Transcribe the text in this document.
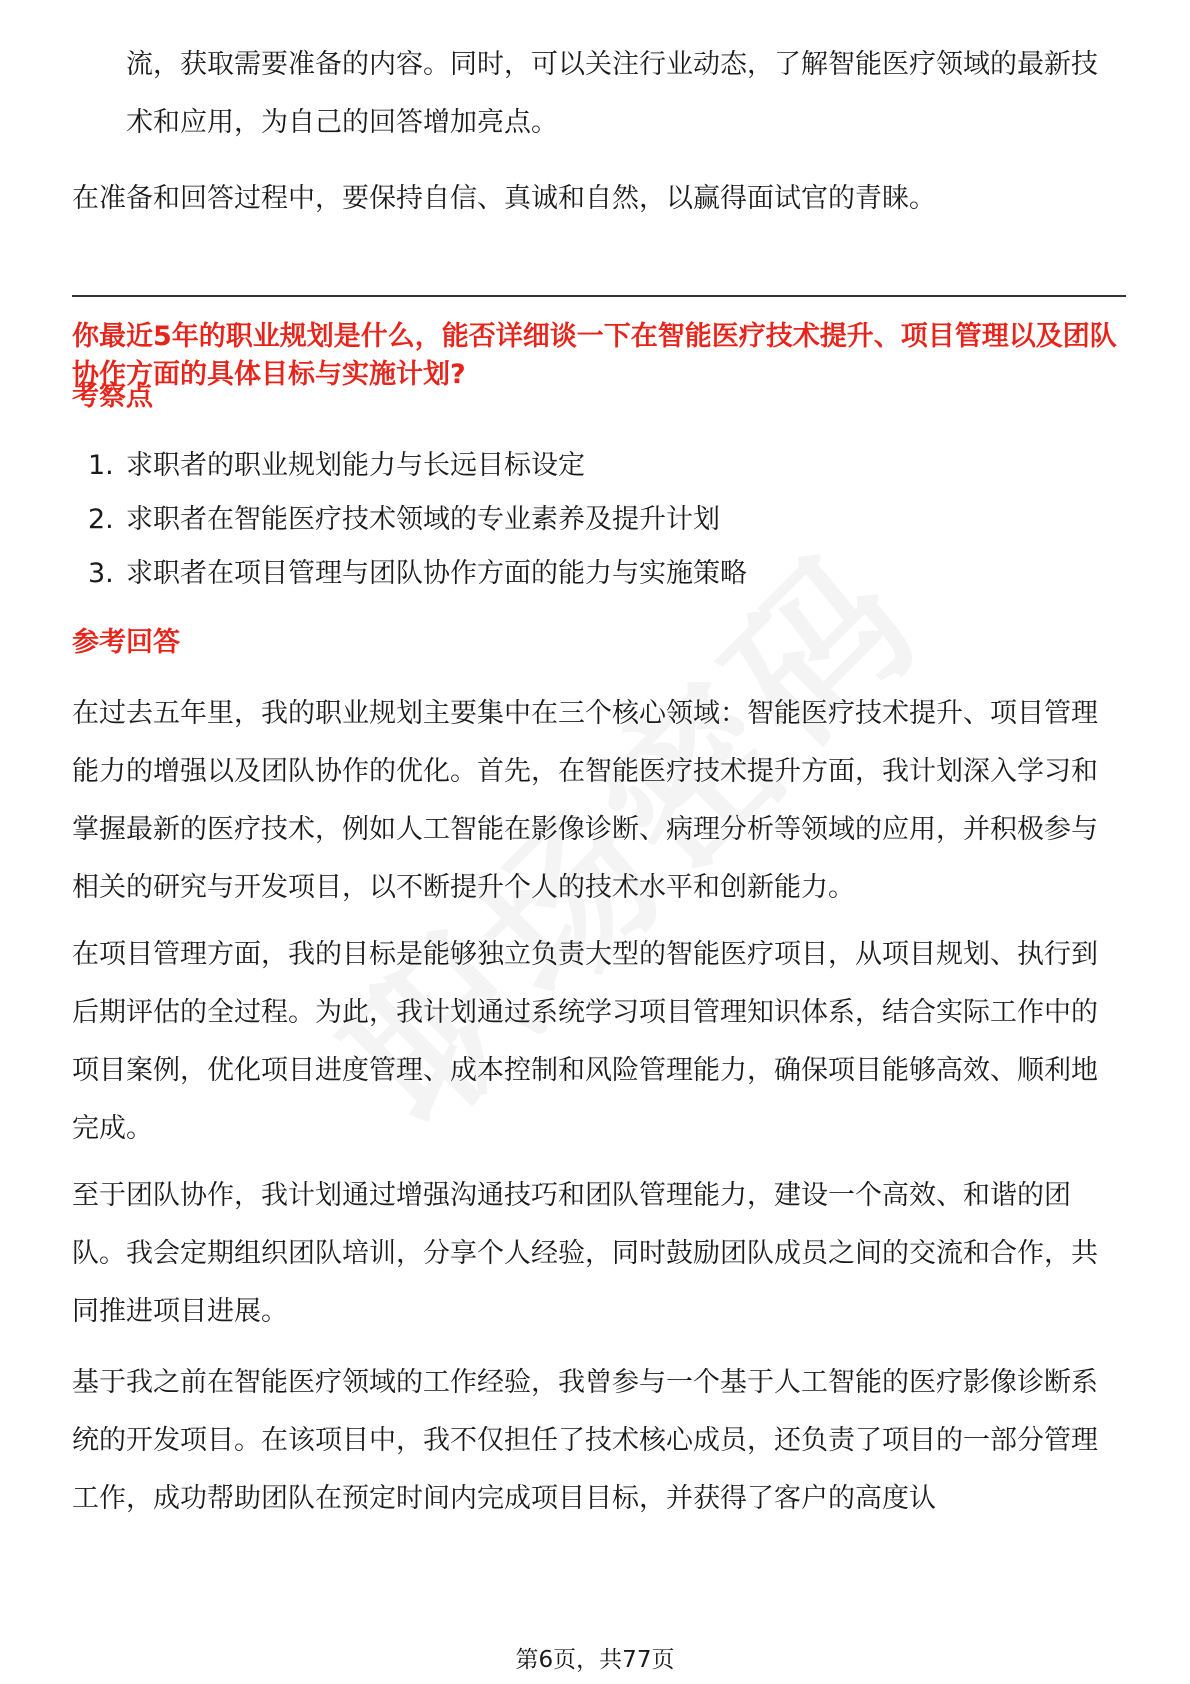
流，获取需要准备的内容。同时，可以关注行业动态，了解智能医疗领域的最新技术和应用，为自己的回答增加亮点。
在准备和回答过程中，要保持自信、真诚和自然，以赢得面试官的青睐。
你最近5年的职业规划是什么，能否详细谈一下在智能医疗技术提升、项目管理以及团队协作方面的具体目标与实施计划?
考察点
1. 求职者的职业规划能力与长远目标设定
2. 求职者在智能医疗技术领域的专业素养及提升计划
3. 求职者在项目管理与团队协作方面的能力与实施策略
参考回答
在过去五年里，我的职业规划主要集中在三个核心领域：智能医疗技术提升、项目管理能力的增强以及团队协作的优化。首先，在智能医疗技术提升方面，我计划深入学习和掌握最新的医疗技术，例如人工智能在影像诊断、病理分析等领域的应用，并积极参与相关的研究与开发项目，以不断提升个人的技术水平和创新能力。
在项目管理方面，我的目标是能够独立负责大型的智能医疗项目，从项目规划、执行到后期评估的全过程。为此，我计划通过系统学习项目管理知识体系，结合实际工作中的项目案例，优化项目进度管理、成本控制和风险管理能力，确保项目能够高效、顺利地完成。
至于团队协作，我计划通过增强沟通技巧和团队管理能力，建设一个高效、和谐的团队。我会定期组织团队培训，分享个人经验，同时鼓励团队成员之间的交流和合作，共同推进项目进展。
基于我之前在智能医疗领域的工作经验，我曾参与一个基于人工智能的医疗影像诊断系统的开发项目。在该项目中，我不仅担任了技术核心成员，还负责了项目的一部分管理工作，成功帮助团队在预定时间内完成项目目标，并获得了客户的高度认
第6页，共77页
